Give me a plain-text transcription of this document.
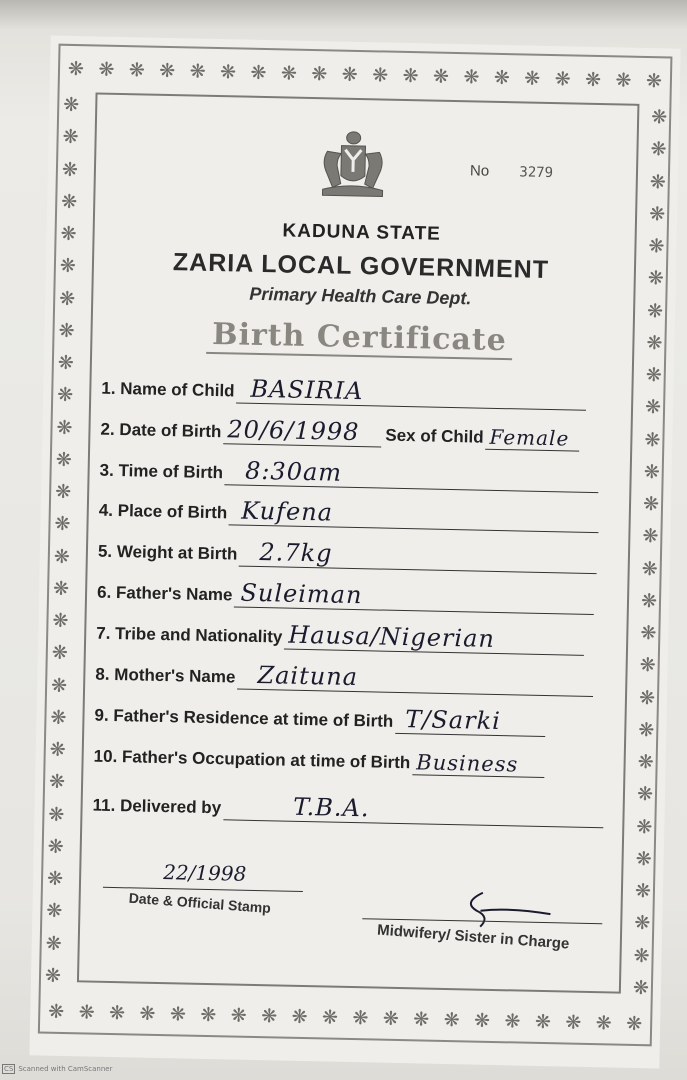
❋ ❋ ❋ ❋ ❋ ❋ ❋ ❋ ❋ ❋ ❋ ❋ ❋ ❋ ❋ ❋ ❋ ❋ ❋ ❋
❋ ❋ ❋ ❋ ❋ ❋ ❋ ❋ ❋ ❋ ❋ ❋ ❋ ❋ ❋ ❋ ❋ ❋ ❋ ❋
❋
❋
❋
❋
❋
❋
❋
❋
❋
❋
❋
❋
❋
❋
❋
❋
❋
❋
❋
❋
❋
❋
❋
❋
❋
❋
❋
❋
❋
❋
❋
❋
❋
❋
❋
❋
❋
❋
❋
❋
❋
❋
❋
❋
❋
❋
❋
❋
❋
❋
❋
❋
❋
❋
❋
❋
No 3279
KADUNA STATE
ZARIA LOCAL GOVERNMENT
Primary Health Care Dept.
Birth Certificate
1. Name of Child BASIRIA
2. Date of Birth 20/6/1998 Sex of Child Female
3. Time of Birth 8:30am
4. Place of Birth Kufena
5. Weight at Birth 2.7kg
6. Father's Name Suleiman
7. Tribe and Nationality Hausa/Nigerian
8. Mother's Name Zaituna
9. Father's Residence at time of Birth T/Sarki
10. Father's Occupation at time of Birth Business
11. Delivered by	T.B.A.
22/1998
Date & Official Stamp
Midwifery/ Sister in Charge
CS Scanned with CamScanner
